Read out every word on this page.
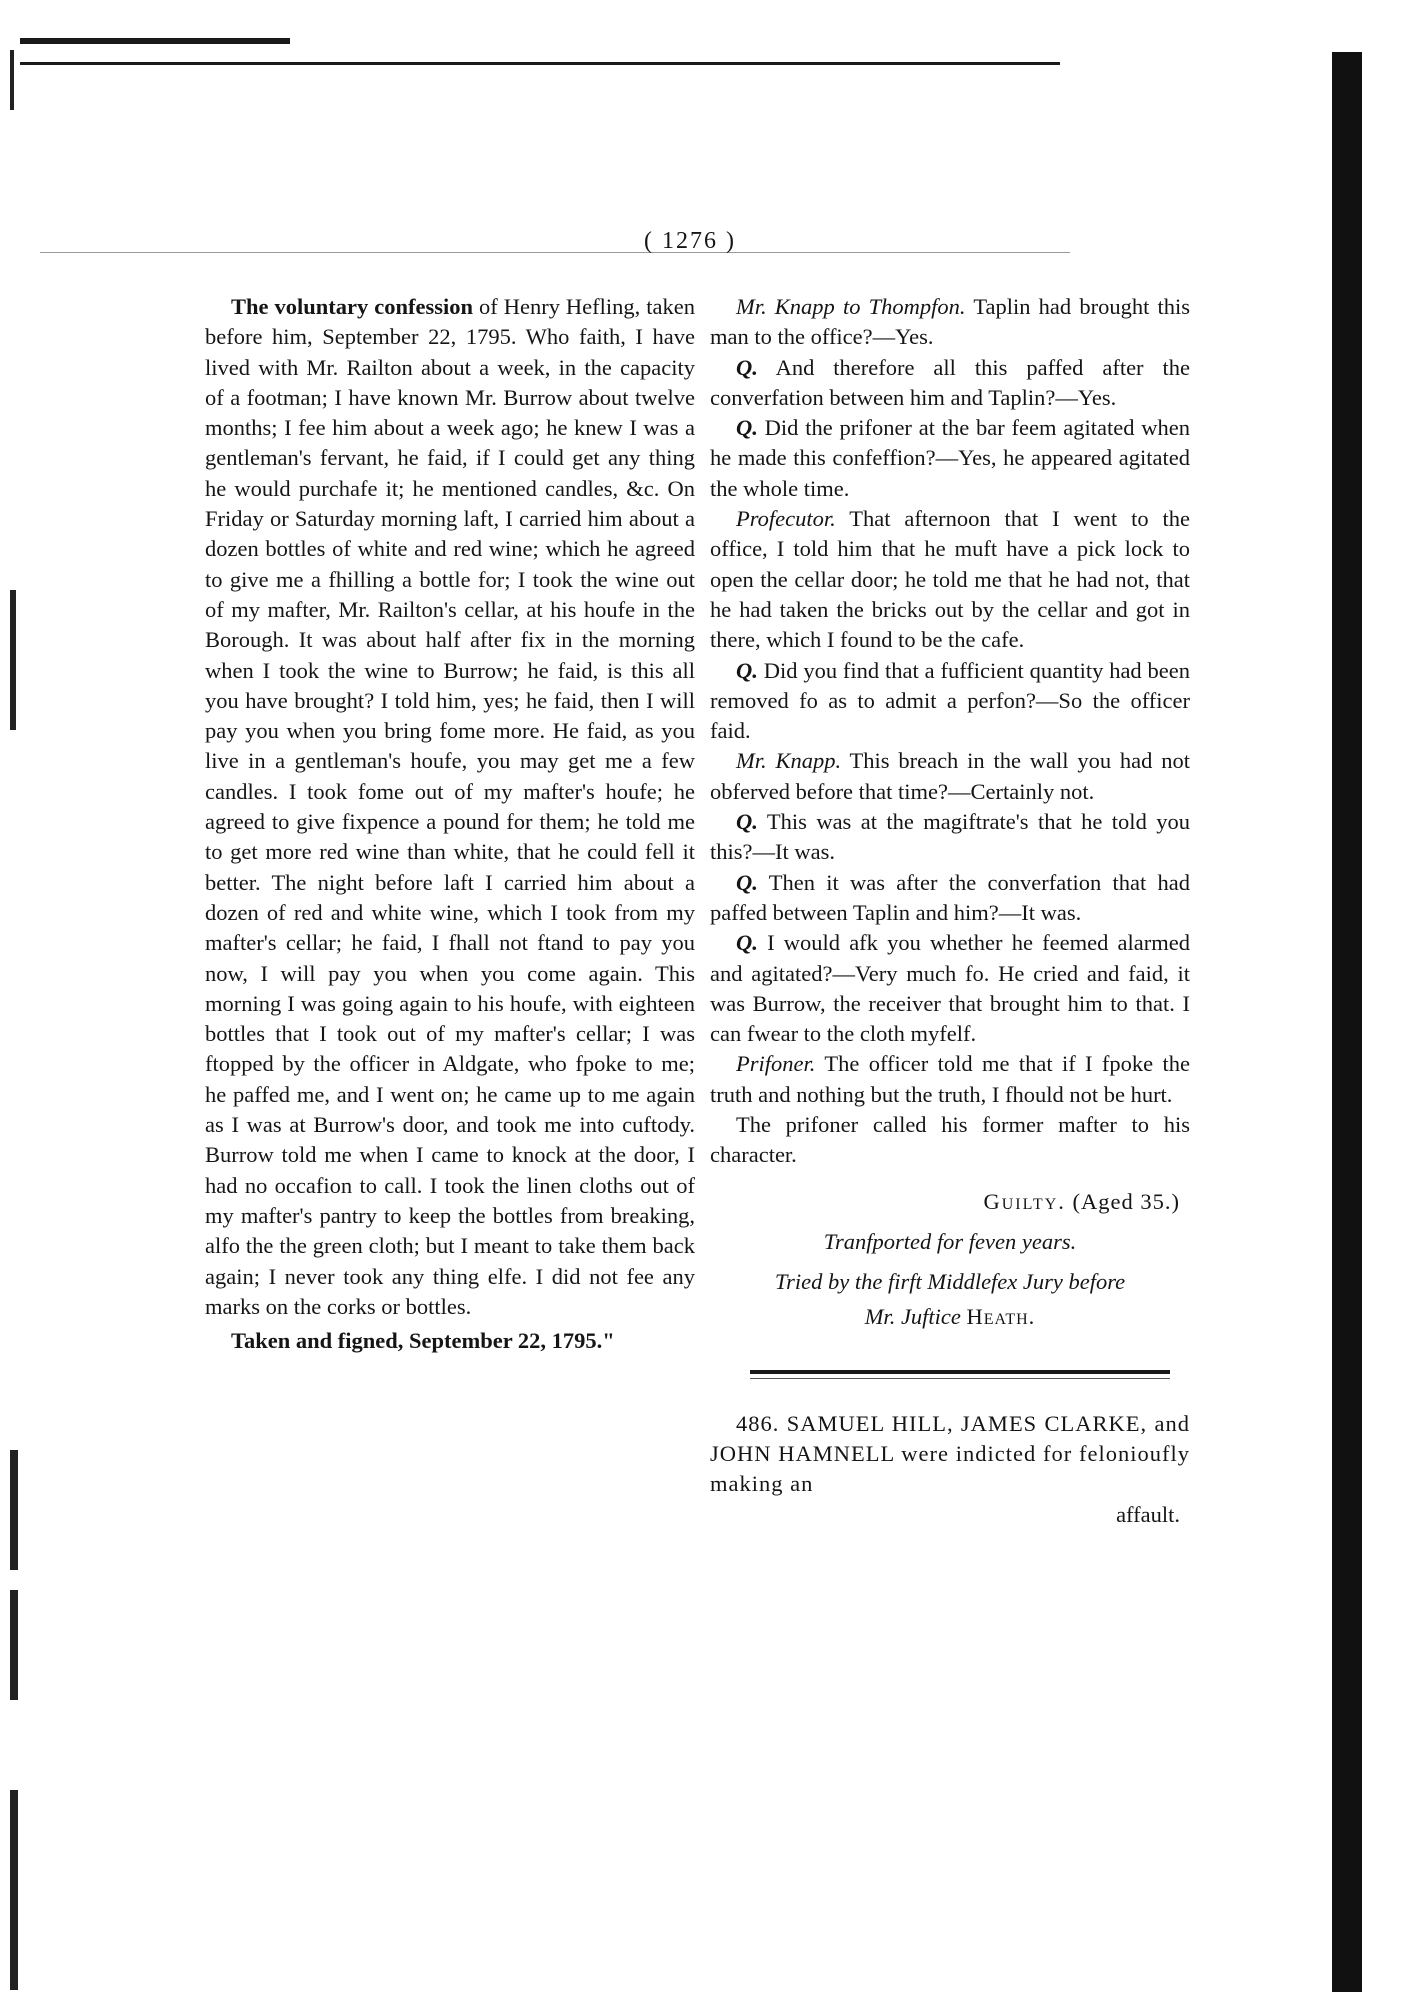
( 1276 )

The voluntary confession of Henry Hefling, taken before him, September 22, 1795. Who faith, I have lived with Mr. Railton about a week, in the capacity of a footman; I have known Mr. Burrow about twelve months; I fee him about a week ago; he knew I was a gentleman's fervant, he faid, if I could get any thing he would purchafe it; he mentioned candles, &c. On Friday or Saturday morning laft, I carried him about a dozen bottles of white and red wine; which he agreed to give me a fhilling a bottle for; I took the wine out of my mafter, Mr. Railton's cellar, at his houfe in the Borough. It was about half after fix in the morning when I took the wine to Burrow; he faid, is this all you have brought? I told him, yes; he faid, then I will pay you when you bring fome more. He faid, as you live in a gentleman's houfe, you may get me a few candles. I took fome out of my mafter's houfe; he agreed to give fixpence a pound for them; he told me to get more red wine than white, that he could fell it better. The night before laft I carried him about a dozen of red and white wine, which I took from my mafter's cellar; he faid, I fhall not ftand to pay you now, I will pay you when you come again. This morning I was going again to his houfe, with eighteen bottles that I took out of my mafter's cellar; I was ftopped by the officer in Aldgate, who fpoke to me; he paffed me, and I went on; he came up to me again as I was at Burrow's door, and took me into cuftody. Burrow told me when I came to knock at the door, I had no occafion to call. I took the linen cloths out of my mafter's pantry to keep the bottles from breaking, alfo the the green cloth; but I meant to take them back again; I never took any thing elfe. I did not fee any marks on the corks or bottles.

Taken and figned, September 22, 1795."

Mr. Knapp to Thompfon. Taplin had brought this man to the office?—Yes.

Q. And therefore all this paffed after the converfation between him and Taplin?—Yes.

Q. Did the prifoner at the bar feem agitated when he made this confeffion?—Yes, he appeared agitated the whole time.

Profecutor. That afternoon that I went to the office, I told him that he muft have a pick lock to open the cellar door; he told me that he had not, that he had taken the bricks out by the cellar and got in there, which I found to be the cafe.

Q. Did you find that a fufficient quantity had been removed fo as to admit a perfon?—So the officer faid.

Mr. Knapp. This breach in the wall you had not obferved before that time?—Certainly not.

Q. This was at the magiftrate's that he told you this?—It was.

Q. Then it was after the converfation that had paffed between Taplin and him?—It was.

Q. I would afk you whether he feemed alarmed and agitated?—Very much fo. He cried and faid, it was Burrow, the receiver that brought him to that. I can fwear to the cloth myfelf.

Prifoner. The officer told me that if I fpoke the truth and nothing but the truth, I fhould not be hurt.

The prifoner called his former mafter to his character.

Guilty. (Aged 35.)

Tranfported for feven years.

Tried by the firft Middlefex Jury before

Mr. Juftice Heath.

486. SAMUEL HILL, JAMES CLARKE, and JOHN HAMNELL were indicted for felonioufly making an

affault.
